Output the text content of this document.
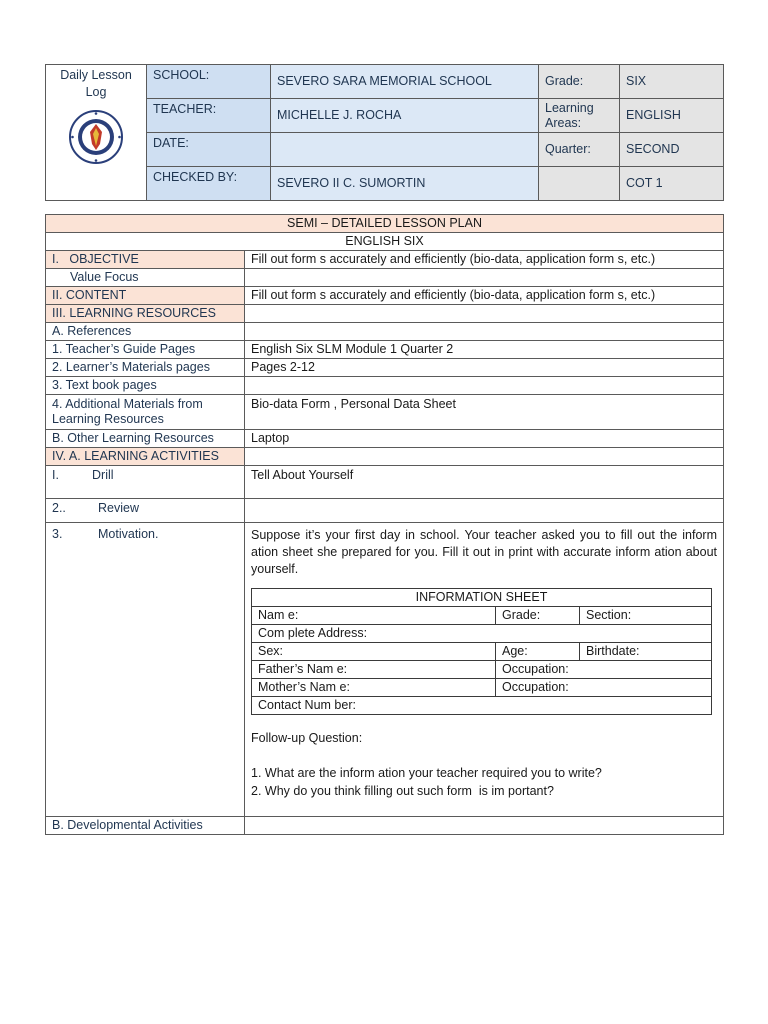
Daily Lesson Log	SCHOOL:	SEVERO SARA MEMORIAL SCHOOL	Grade:	SIX
	TEACHER:	MICHELLE J. ROCHA	Learning Areas:	ENGLISH
	DATE:		Quarter:	SECOND
	CHECKED BY:	SEVERO II C. SUMORTIN		COT 1
SEMI – DETAILED LESSON PLAN
ENGLISH SIX
I.   OBJECTIVE	Fill out form s accurately and efficiently (bio-data, application form s, etc.)
Value Focus	
II. CONTENT	Fill out form s accurately and efficiently (bio-data, application form s, etc.)
III. LEARNING RESOURCES	
A. References	
1. Teacher’s Guide Pages	English Six SLM Module 1 Quarter 2
2. Learner’s Materials pages	Pages 2-12
3. Text book pages	
4. Additional Materials from Learning Resources	Bio-data Form , Personal Data Sheet
B. Other Learning Resources	Laptop
IV. A. LEARNING ACTIVITIES	
I.	Drill	Tell About Yourself
2..	Review	
3.	Motivation.	Suppose it’s your first day in school. Your teacher asked you to fill out the inform ation sheet she prepared for you. Fill it out in print with accurate inform ation about yourself.
INFORMATION SHEET
Nam e:	Grade:	Section:
Com plete Address:
Sex:	Age:	Birthdate:
Father’s Nam e:	Occupation:
Mother’s Nam e:	Occupation:
Contact Num ber:
Follow-up Question:
1. What are the inform ation your teacher required you to write?
2. Why do you think filling out such form  is im portant?

B. Developmental Activities	
